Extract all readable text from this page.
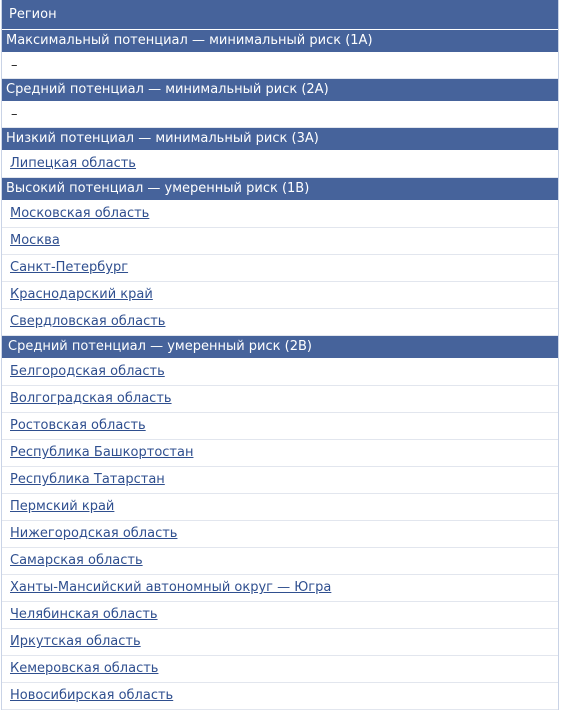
Регион
Максимальный потенциал — минимальный риск (1A)
–
Средний потенциал — минимальный риск (2A)
–
Низкий потенциал — минимальный риск (3A)
Липецкая область
Высокий потенциал — умеренный риск (1B)
Московская область
Москва
Санкт-Петербург
Краснодарский край
Свердловская область
Средний потенциал — умеренный риск (2B)
Белгородская область
Волгоградская область
Ростовская область
Республика Башкортостан
Республика Татарстан
Пермский край
Нижегородская область
Самарская область
Ханты-Мансийский автономный округ — Югра
Челябинская область
Иркутская область
Кемеровская область
Новосибирская область
